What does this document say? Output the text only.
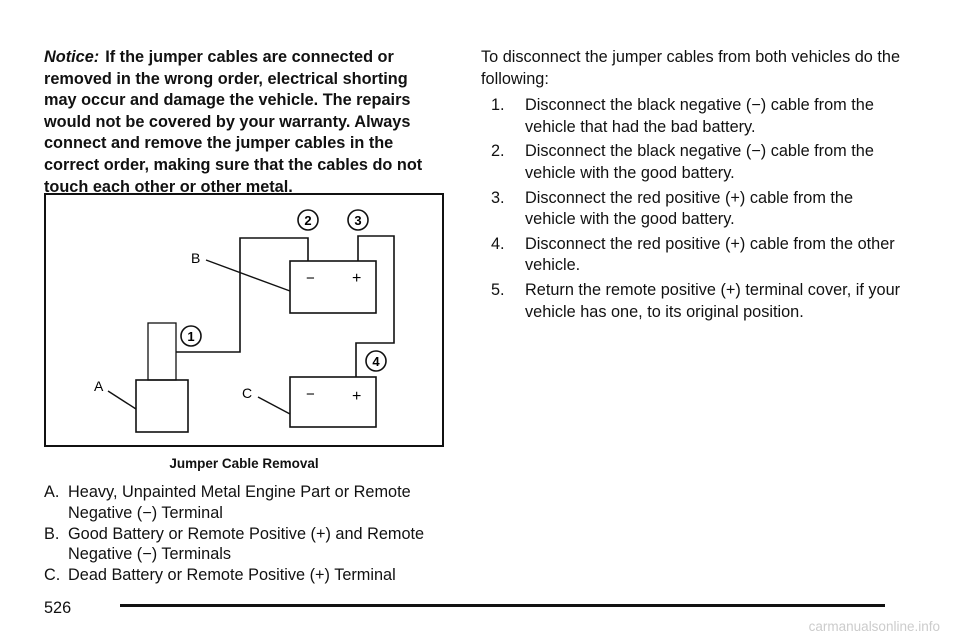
Notice: If the jumper cables are connected or removed in the wrong order, electrical shorting may occur and damage the vehicle. The repairs would not be covered by your warranty. Always connect and remove the jumper cables in the correct order, making sure that the cables do not touch each other or other metal.

− +
− +
A
B
C
1
2	3
4
Jumper Cable Removal
A. Heavy, Unpainted Metal Engine Part or Remote Negative (−) Terminal
B. Good Battery or Remote Positive (+) and Remote Negative (−) Terminals
C. Dead Battery or Remote Positive (+) Terminal

To disconnect the jumper cables from both vehicles do the following:

1. Disconnect the black negative (−) cable from the vehicle that had the bad battery.
2. Disconnect the black negative (−) cable from the vehicle with the good battery.
3. Disconnect the red positive (+) cable from the vehicle with the good battery.
4. Disconnect the red positive (+) cable from the other vehicle.
5. Return the remote positive (+) terminal cover, if your vehicle has one, to its original position.
526
carmanualsonline.info
